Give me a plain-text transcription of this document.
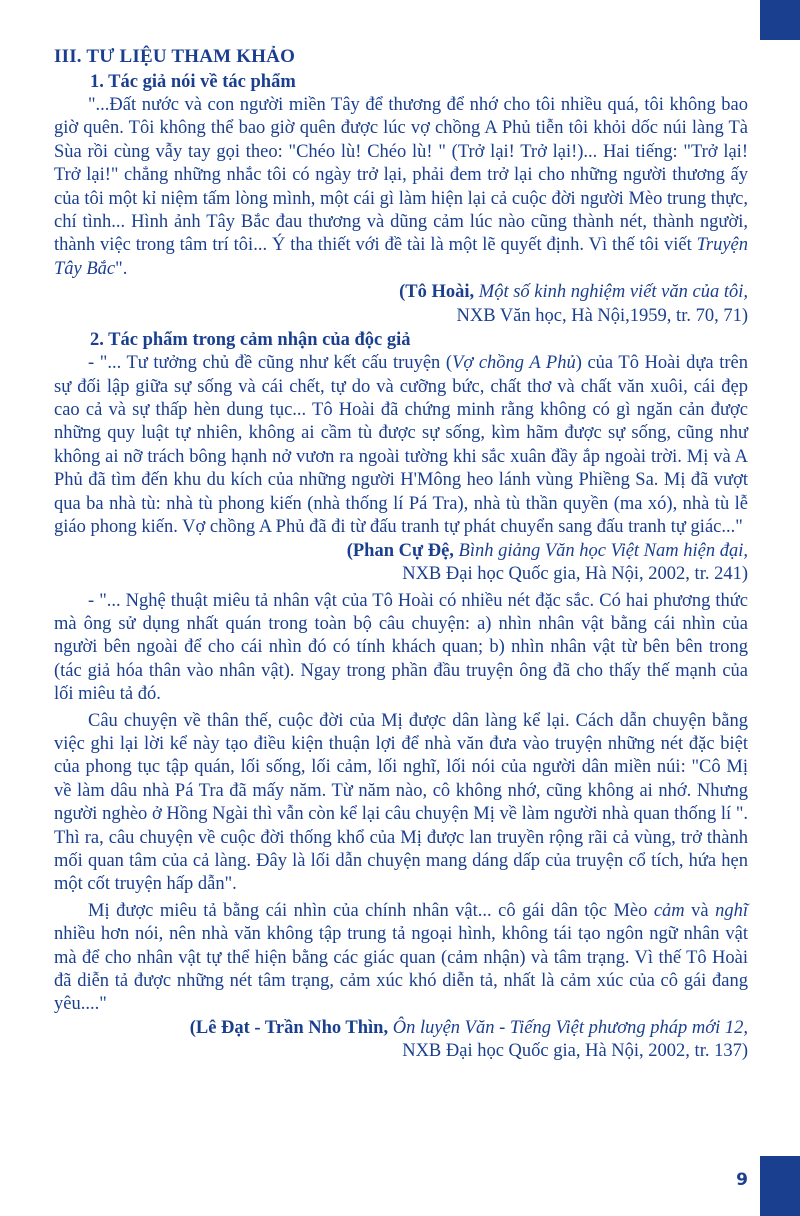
III. TƯ LIỆU THAM KHẢO
1. Tác giả nói về tác phẩm

"...Đất nước và con người miền Tây để thương để nhớ cho tôi nhiều quá, tôi không bao giờ quên. Tôi không thể bao giờ quên được lúc vợ chồng A Phủ tiễn tôi khỏi dốc núi làng Tà Sùa rồi cùng vẫy tay gọi theo: "Chéo lù! Chéo lù! " (Trở lại! Trở lại!)... Hai tiếng: "Trở lại! Trở lại!" chẳng những nhắc tôi có ngày trở lại, phải đem trở lại cho những người thương ấy của tôi một kỉ niệm tấm lòng mình, một cái gì làm hiện lại cả cuộc đời người Mèo trung thực, chí tình... Hình ảnh Tây Bắc đau thương và dũng cảm lúc nào cũng thành nét, thành người, thành việc trong tâm trí tôi... Ý tha thiết với đề tài là một lẽ quyết định. Vì thế tôi viết Truyện Tây Bắc".

(Tô Hoài, Một số kinh nghiệm viết văn của tôi,
NXB Văn học, Hà Nội,1959, tr. 70, 71)
2. Tác phẩm trong cảm nhận của độc giả

- "... Tư tưởng chủ đề cũng như kết cấu truyện (Vợ chồng A Phủ) của Tô Hoài dựa trên sự đối lập giữa sự sống và cái chết, tự do và cưỡng bức, chất thơ và chất văn xuôi, cái đẹp cao cả và sự thấp hèn dung tục... Tô Hoài đã chứng minh rằng không có gì ngăn cản được những quy luật tự nhiên, không ai cầm tù được sự sống, kìm hãm được sự sống, cũng như không ai nỡ trách bông hạnh nở vươn ra ngoài tường khi sắc xuân đầy ắp ngoài trời. Mị và A Phủ đã tìm đến khu du kích của những người H'Mông heo lánh vùng Phiềng Sa. Mị đã vượt qua ba nhà tù: nhà tù phong kiến (nhà thống lí Pá Tra), nhà tù thần quyền (ma xó), nhà tù lễ giáo phong kiến. Vợ chồng A Phủ đã đi từ đấu tranh tự phát chuyển sang đấu tranh tự giác..."

(Phan Cự Đệ, Bình giảng Văn học Việt Nam hiện đại,
NXB Đại học Quốc gia, Hà Nội, 2002, tr. 241)

- "... Nghệ thuật miêu tả nhân vật của Tô Hoài có nhiều nét đặc sắc. Có hai phương thức mà ông sử dụng nhất quán trong toàn bộ câu chuyện: a) nhìn nhân vật bằng cái nhìn của người bên ngoài để cho cái nhìn đó có tính khách quan; b) nhìn nhân vật từ bên bên trong (tác giả hóa thân vào nhân vật). Ngay trong phần đầu truyện ông đã cho thấy thế mạnh của lối miêu tả đó.

Câu chuyện về thân thế, cuộc đời của Mị được dân làng kể lại. Cách dẫn chuyện bằng việc ghi lại lời kể này tạo điều kiện thuận lợi để nhà văn đưa vào truyện những nét đặc biệt của phong tục tập quán, lối sống, lối cảm, lối nghĩ, lối nói của người dân miền núi: "Cô Mị về làm dâu nhà Pá Tra đã mấy năm. Từ năm nào, cô không nhớ, cũng không ai nhớ. Nhưng người nghèo ở Hồng Ngài thì vẫn còn kể lại câu chuyện Mị về làm người nhà quan thống lí ". Thì ra, câu chuyện về cuộc đời thống khổ của Mị được lan truyền rộng rãi cả vùng, trở thành mối quan tâm của cả làng. Đây là lối dẫn chuyện mang dáng dấp của truyện cổ tích, hứa hẹn một cốt truyện hấp dẫn".

Mị được miêu tả bằng cái nhìn của chính nhân vật... cô gái dân tộc Mèo cảm và nghĩ nhiều hơn nói, nên nhà văn không tập trung tả ngoại hình, không tái tạo ngôn ngữ nhân vật mà để cho nhân vật tự thể hiện bằng các giác quan (cảm nhận) và tâm trạng. Vì thế Tô Hoài đã diễn tả được những nét tâm trạng, cảm xúc khó diễn tả, nhất là cảm xúc của cô gái đang yêu...."

(Lê Đạt - Trần Nho Thìn, Ôn luyện Văn - Tiếng Việt phương pháp mới 12,
NXB Đại học Quốc gia, Hà Nội, 2002, tr. 137)
9
